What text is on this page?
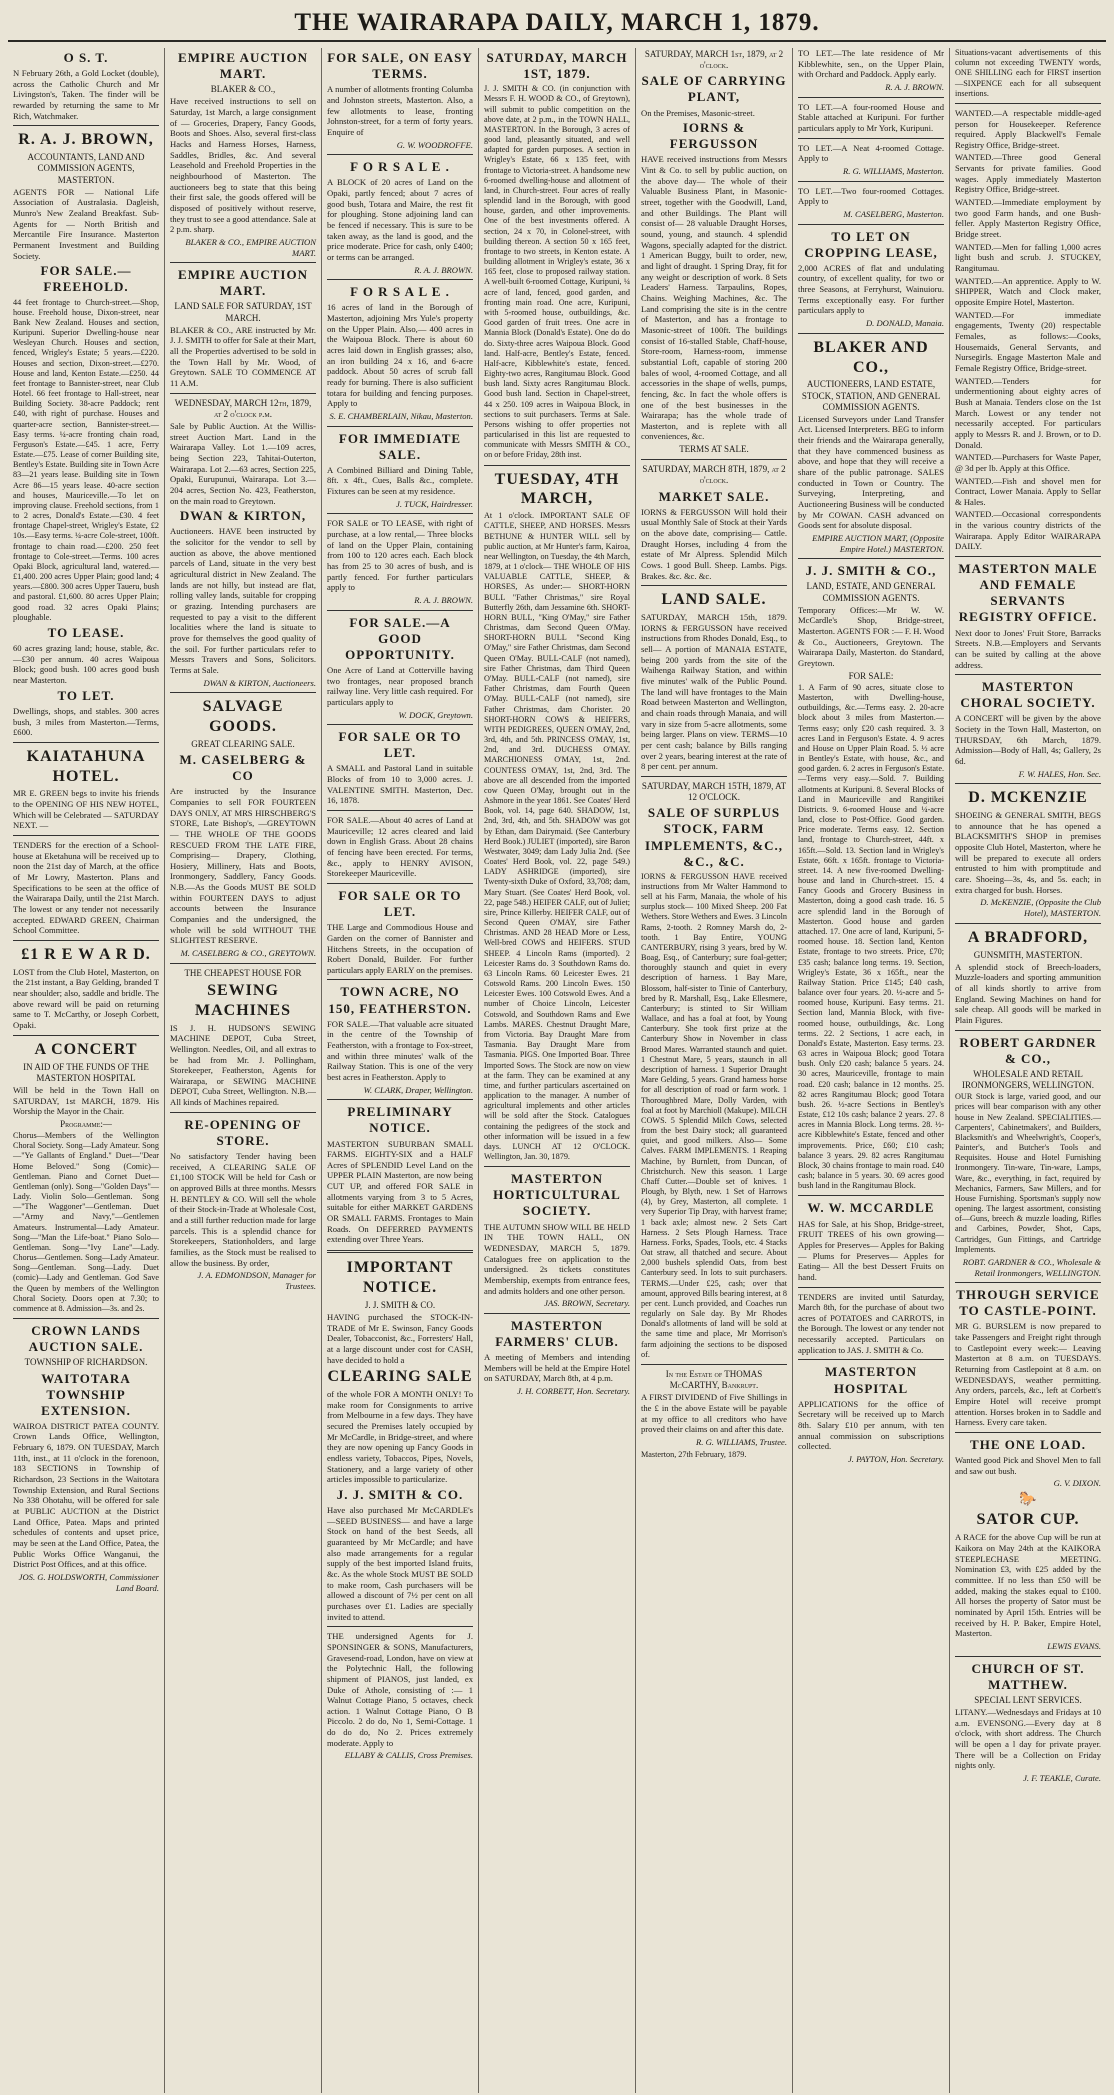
THE WAIRARAPA DAILY, MARCH 1, 1879.
O S. T.

N February 26th, a Gold Locket (double), across the Catholic Church and Mr Livingston's, Taken. The finder will be rewarded by returning the same to Mr Rich, Watchmaker.

R. A. J. BROWN,
ACCOUNTANTS, LAND AND COMMISSION AGENTS, MASTERTON.

AGENTS FOR — National Life Association of Australasia. Dagleish, Munro's New Zealand Breakfast. Sub-Agents for — North British and Mercantile Fire Insurance. Masterton Permanent Investment and Building Society.

FOR SALE.—FREEHOLD.

44 feet frontage to Church-street.—Shop, house. Freehold house, Dixon-street, near Bank New Zealand. Houses and section, Kuripuni. Superior Dwelling-house near Wesleyan Church. Houses and section, fenced, Wrigley's Estate; 5 years.—£220. Houses and section, Dixon-street.—£270. House and land, Kenton Estate.—£250. 44 feet frontage to Bannister-street, near Club Hotel. 66 feet frontage to Hall-street, near Building Society. 38-acre Paddock; rent £40, with right of purchase. Houses and quarter-acre section, Bannister-street.—Easy terms. ¼-acre fronting chain road, Ferguson's Estate.—£45. 1 acre, Ferry Estate.—£75. Lease of corner Building site, Bentley's Estate. Building site in Town Acre 83—21 years lease. Building site in Town Acre 86—15 years lease. 40-acre section and houses, Mauriceville.—To let on improving clause. Freehold sections, from 1 to 2 acres, Donald's Estate.—£30. 4 feet frontage Chapel-street, Wrigley's Estate, £2 10s.—Easy terms. ¼-acre Cole-street, 100ft. frontage to chain road.—£200. 250 feet frontage to Cole-street.—Terms. 100 acres Opaki Block, agricultural land, watered.—£1,400. 200 acres Upper Plain; good land; 4 years.—£800. 300 acres Upper Taueru, bush and pastoral. £1,600. 80 acres Upper Plain; good road. 32 acres Opaki Plains; ploughable.

TO LEASE.

60 acres grazing land; house, stable, &c.—£30 per annum. 40 acres Waipoua Block; good bush. 100 acres good bush near Masterton.

TO LET.

Dwellings, shops, and stables. 300 acres bush, 3 miles from Masterton.—Terms, £600.

KAIATAHUNA HOTEL.

MR E. GREEN begs to invite his friends to the OPENING OF HIS NEW HOTEL, Which will be Celebrated — SATURDAY NEXT. —

TENDERS for the erection of a School-house at Eketahuna will be received up to noon the 21st day of March, at the office of Mr Lowry, Masterton. Plans and Specifications to be seen at the office of the Wairarapa Daily, until the 21st March. The lowest or any tender not necessarily accepted. EDWARD GREEN, Chairman School Committee.

£1 R E W A R D.

LOST from the Club Hotel, Masterton, on the 21st instant, a Bay Gelding, branded T near shoulder; also, saddle and bridle. The above reward will be paid on returning same to T. McCarthy, or Joseph Corbett, Opaki.

A CONCERT
IN AID OF THE FUNDS OF THE MASTERTON HOSPITAL

Will be held in the Town Hall on SATURDAY, 1st MARCH, 1879. His Worship the Mayor in the Chair.

Programme:—

Chorus—Members of the Wellington Choral Society. Song—Lady Amateur. Song—"Ye Gallants of England." Duet—"Dear Home Beloved." Song (Comic)—Gentleman. Piano and Cornet Duet—Gentleman (only). Song—"Golden Days"—Lady. Violin Solo—Gentleman. Song—"The Waggoner"—Gentleman. Duet—"Army and Navy,"—Gentlemen Amateurs. Instrumental—Lady Amateur. Song—"Man the Life-boat." Piano Solo—Gentleman. Song—"Ivy Lane"—Lady. Chorus—Gentlemen. Song—Lady Amateur. Song—Gentleman. Song—Lady. Duet (comic)—Lady and Gentleman. God Save the Queen by members of the Wellington Choral Society. Doors open at 7.30; to commence at 8. Admission—3s. and 2s.

CROWN LANDS AUCTION SALE.
TOWNSHIP OF RICHARDSON.
WAITOTARA TOWNSHIP EXTENSION.

WAIROA DISTRICT PATEA COUNTY. Crown Lands Office, Wellington, February 6, 1879. ON TUESDAY, March 11th, inst., at 11 o'clock in the forenoon, 183 SECTIONS in Township of Richardson, 23 Sections in the Waitotara Township Extension, and Rural Sections No 338 Ohotahu, will be offered for sale at PUBLIC AUCTION at the District Land Office, Patea. Maps and printed schedules of contents and upset price, may be seen at the Land Office, Patea, the Public Works Office Wanganui, the District Post Offices, and at this office.

JOS. G. HOLDSWORTH, Commissioner Land Board.
EMPIRE AUCTION MART.
BLAKER & CO.,

Have received instructions to sell on Saturday, 1st March, a large consignment of — Groceries, Drapery, Fancy Goods, Boots and Shoes. Also, several first-class Hacks and Harness Horses, Harness, Saddles, Bridles, &c. And several Leasehold and Freehold Properties in the neighbourhood of Masterton. The auctioneers beg to state that this being their first sale, the goods offered will be disposed of positively without reserve, they trust to see a good attendance. Sale at 2 p.m. sharp.

BLAKER & CO., EMPIRE AUCTION MART.
EMPIRE AUCTION MART.
LAND SALE FOR SATURDAY, 1ST MARCH.

BLAKER & CO., ARE instructed by Mr. J. J. SMITH to offer for Sale at their Mart, all the Properties advertised to be sold in the Town Hall by Mr. Wood, of Greytown. SALE TO COMMENCE AT 11 A.M.

WEDNESDAY, MARCH 12th, 1879, at 2 o'clock p.m.

Sale by Public Auction. At the Willis-street Auction Mart. Land in the Wairarapa Valley. Lot 1.—109 acres, being Section 223, Tahitai-Outerton, Wairarapa. Lot 2.—63 acres, Section 225, Opaki, Eurupunui, Wairarapa. Lot 3.—204 acres, Section No. 423, Featherston, on the main road to Greytown.

DWAN & KIRTON,

Auctioneers. HAVE been instructed by the solicitor for the vendor to sell by auction as above, the above mentioned parcels of Land, situate in the very best agricultural district in New Zealand. The lands are not hilly, but instead are flat, rolling valley lands, suitable for cropping or grazing. Intending purchasers are requested to pay a visit to the different localities where the land is situate to prove for themselves the good quality of the soil. For further particulars refer to Messrs Travers and Sons, Solicitors. Terms at Sale.

DWAN & KIRTON, Auctioneers.
SALVAGE GOODS.
GREAT CLEARING SALE.
M. CASELBERG & CO

Are instructed by the Insurance Companies to sell FOR FOURTEEN DAYS ONLY, AT MRS HIRSCHBERG'S STORE, Late Bishop's, —GREYTOWN— THE WHOLE OF THE GOODS RESCUED FROM THE LATE FIRE, Comprising— Drapery, Clothing, Hosiery, Millinery, Hats and Boots, Ironmongery, Saddlery, Fancy Goods. N.B.—As the Goods MUST BE SOLD within FOURTEEN DAYS to adjust accounts between the Insurance Companies and the undersigned, the whole will be sold WITHOUT THE SLIGHTEST RESERVE.

M. CASELBERG & CO., GREYTOWN.
THE CHEAPEST HOUSE FOR
SEWING MACHINES

IS J. H. HUDSON'S SEWING MACHINE DEPOT, Cuba Street, Wellington. Needles, Oil, and all extras to be had from Mr. J. Pollingham, Storekeeper, Featherston, Agents for Wairarapa, or SEWING MACHINE DEPOT, Cuba Street, Wellington. N.B.—All kinds of Machines repaired.

RE-OPENING OF STORE.

No satisfactory Tender having been received, A CLEARING SALE OF £1,100 STOCK Will be held for Cash or on approved Bills at three months. Messrs H. BENTLEY & CO. Will sell the whole of their Stock-in-Trade at Wholesale Cost, and a still further reduction made for large parcels. This is a splendid chance for Storekeepers, Stationholders, and large families, as the Stock must be realised to allow the business. By order,

J. A. EDMONDSON, Manager for Trustees.
FOR SALE, ON EASY TERMS.

A number of allotments fronting Columba and Johnston streets, Masterton. Also, a few allotments to lease, fronting Johnston-street, for a term of forty years. Enquire of

G. W. WOODROFFE.
F O R S A L E .

A BLOCK of 20 acres of Land on the Opaki, partly fenced; about 7 acres of good bush, Totara and Maire, the rest fit for ploughing. Stone adjoining land can be fenced if necessary. This is sure to be taken away, as the land is good, and the price moderate. Price for cash, only £400; or terms can be arranged.

R. A. J. BROWN.
F O R S A L E .

16 acres of land in the Borough of Masterton, adjoining Mrs Yule's property on the Upper Plain. Also,— 400 acres in the Waipoua Block. There is about 60 acres laid down in English grasses; also, an iron building 24 x 16, and 6-acre paddock. About 50 acres of scrub fall ready for burning. There is also sufficient totara for building and fencing purposes. Apply to

S. E. CHAMBERLAIN, Nikau, Masterton.
FOR IMMEDIATE SALE.

A Combined Billiard and Dining Table, 8ft. x 4ft., Cues, Balls &c., complete. Fixtures can be seen at my residence.

J. TUCK, Hairdresser.

FOR SALE or TO LEASE, with right of purchase, at a low rental,— Three blocks of land on the Upper Plain, containing from 100 to 120 acres each. Each block has from 25 to 30 acres of bush, and is partly fenced. For further particulars apply to

R. A. J. BROWN.
FOR SALE.—A GOOD OPPORTUNITY.

One Acre of Land at Cotterville having two frontages, near proposed branch railway line. Very little cash required. For particulars apply to

W. DOCK, Greytown.
FOR SALE OR TO LET.

A SMALL and Pastoral Land in suitable Blocks of from 10 to 3,000 acres. J. VALENTINE SMITH. Masterton, Dec. 16, 1878.

FOR SALE.—About 40 acres of Land at Mauriceville; 12 acres cleared and laid down in English Grass. About 28 chains of fencing have been erected. For terms, &c., apply to HENRY AVISON, Storekeeper Mauriceville.

FOR SALE OR TO LET.

THE Large and Commodious House and Garden on the corner of Bannister and Hitchens Streets, in the occupation of Robert Donald, Builder. For further particulars apply EARLY on the premises.

TOWN ACRE, NO 150, FEATHERSTON.

FOR SALE.—That valuable acre situated in the centre of the Township of Featherston, with a frontage to Fox-street, and within three minutes' walk of the Railway Station. This is one of the very best acres in Featherston. Apply to

W. CLARK, Draper, Wellington.
PRELIMINARY NOTICE.

MASTERTON SUBURBAN SMALL FARMS. EIGHTY-SIX and a HALF Acres of SPLENDID Level Land on the UPPER PLAIN Masterton, are now being CUT UP, and offered FOR SALE in allotments varying from 3 to 5 Acres, suitable for either MARKET GARDENS OR SMALL FARMS. Frontages to Main Roads. On DEFERRED PAYMENTS extending over Three Years.

IMPORTANT NOTICE.
J. J. SMITH & CO.

HAVING purchased the STOCK-IN-TRADE of Mr E. Swinson, Fancy Goods Dealer, Tobacconist, &c., Forresters' Hall, at a large discount under cost for CASH, have decided to hold a

CLEARING SALE

of the whole FOR A MONTH ONLY! To make room for Consignments to arrive from Melbourne in a few days. They have secured the Premises lately occupied by Mr McCardle, in Bridge-street, and where they are now opening up Fancy Goods in endless variety, Tobaccos, Pipes, Novels, Stationery, and a large variety of other articles impossible to particularize.

J. J. SMITH & CO.

Have also purchased Mr McCARDLE's —SEED BUSINESS— and have a large Stock on hand of the best Seeds, all guaranteed by Mr McCardle; and have also made arrangements for a regular supply of the best imported Island fruits, &c. As the whole Stock MUST BE SOLD to make room, Cash purchasers will be allowed a discount of 7½ per cent on all purchases over £1. Ladies are specially invited to attend.

THE undersigned Agents for J. SPONSINGER & SONS, Manufacturers, Gravesend-road, London, have on view at the Polytechnic Hall, the following shipment of PIANOS, just landed, ex Duke of Athole, consisting of :— 1 Walnut Cottage Piano, 5 octaves, check action. 1 Walnut Cottage Piano, O B Piccolo. 2 do do, No 1, Semi-Cottage. 1 do do do, No 2. Prices extremely moderate. Apply to

ELLABY & CALLIS, Cross Premises.
SATURDAY, MARCH 1ST, 1879.

J. J. SMITH & CO. (in conjunction with Messrs F. H. WOOD & CO., of Greytown), will submit to public competition on the above date, at 2 p.m., in the TOWN HALL, MASTERTON. In the Borough, 3 acres of good land, pleasantly situated, and well adapted for garden purposes. A section in Wrigley's Estate, 66 x 135 feet, with frontage to Victoria-street. A handsome new 6-roomed dwelling-house and allotment of land, in Church-street. Four acres of really splendid land in the Borough, with good house, garden, and other improvements. One of the best investments offered. A section, 24 x 70, in Colonel-street, with building thereon. A section 50 x 165 feet, frontage to two streets, in Kenton estate. A building allotment in Wrigley's estate, 36 x 165 feet, close to proposed railway station. A well-built 6-roomed Cottage, Kuripuni, ¼ acre of land, fenced, good garden, and fronting main road. One acre, Kuripuni, with 5-roomed house, outbuildings, &c. Good garden of fruit trees. One acre in Mannia Block (Donald's Estate). One do do do. Sixty-three acres Waipoua Block. Good land. Half-acre, Bentley's Estate, fenced. Half-acre, Kibblewhite's estate, fenced. Eighty-two acres, Rangitumau Block. Good bush land. Sixty acres Rangitumau Block. Good bush land. Section in Chapel-street, 44 x 250. 109 acres in Waipoua Block, in sections to suit purchasers. Terms at Sale. Persons wishing to offer properties not particularised in this list are requested to communicate with Messrs SMITH & CO., on or before Friday, 28th inst.

TUESDAY, 4TH MARCH,

At 1 o'clock. IMPORTANT SALE OF CATTLE, SHEEP, AND HORSES. Messrs BETHUNE & HUNTER WILL sell by public auction, at Mr Hunter's farm, Kairoa, near Wellington, on Tuesday, the 4th March, 1879, at 1 o'clock— THE WHOLE OF HIS VALUABLE CATTLE, SHEEP, & HORSES, As under:— SHORT-HORN BULL "Father Christmas," sire Royal Butterfly 26th, dam Jessamine 6th. SHORT-HORN BULL, "King O'May," sire Father Christmas, dam Second Queen O'May. SHORT-HORN BULL "Second King O'May," sire Father Christmas, dam Second Queen O'May. BULL-CALF (not named), sire Father Christmas, dam Third Queen O'May. BULL-CALF (not named), sire Father Christmas, dam Fourth Queen O'May. BULL-CALF (not named), sire Father Christmas, dam Chorister. 20 SHORT-HORN COWS & HEIFERS, WITH PEDIGREES, QUEEN O'MAY, 2nd, 3rd, 4th, and 5th. PRINCESS O'MAY, 1st, 2nd, and 3rd. DUCHESS O'MAY. MARCHIONESS O'MAY, 1st, 2nd. COUNTESS O'MAY, 1st, 2nd, 3rd. The above are all descended from the imported cow Queen O'May, brought out in the Ashmore in the year 1861. See Coates' Herd Book, vol. 14, page 640. SHADOW, 1st, 2nd, 3rd, 4th, and 5th. SHADOW was got by Ethan, dam Dairymaid. (See Canterbury Herd Book.) JULIET (imported), sire Baron Westwater, 3049; dam Lady Julia 2nd. (See Coates' Herd Book, vol. 22, page 549.) LADY ASHRIDGE (imported), sire Twenty-sixth Duke of Oxford, 33,708; dam, Mary Stuart. (See Coates' Herd Book, vol. 22, page 548.) HEIFER CALF, out of Juliet; sire, Prince Killerby. HEIFER CALF, out of Second Queen O'MAY, sire Father Christmas. AND 28 HEAD More or Less, Well-bred COWS and HEIFERS. STUD SHEEP. 4 Lincoln Rams (imported). 2 Leicester Rams do. 3 Southdown Rams do. 63 Lincoln Rams. 60 Leicester Ewes. 21 Cotswold Rams. 200 Lincoln Ewes. 150 Leicester Ewes. 100 Cotswold Ewes. And a number of Choice Lincoln, Leicester Cotswold, and Southdown Rams and Ewe Lambs. MARES. Chestnut Draught Mare, from Victoria. Bay Draught Mare from Tasmania. Bay Draught Mare from Tasmania. PIGS. One Imported Boar. Three Imported Sows. The Stock are now on view at the farm. They can be examined at any time, and further particulars ascertained on application to the manager. A number of agricultural implements and other articles will be sold after the Stock. Catalogues containing the pedigrees of the stock and other information will be issued in a few days. LUNCH AT 12 O'CLOCK. Wellington, Jan. 30, 1879.

MASTERTON HORTICULTURAL SOCIETY.

THE AUTUMN SHOW WILL BE HELD IN THE TOWN HALL, ON WEDNESDAY, MARCH 5, 1879. Catalogues free on application to the undersigned. 2s tickets constitutes Membership, exempts from entrance fees, and admits holders and one other person.

JAS. BROWN, Secretary.
MASTERTON FARMERS' CLUB.

A meeting of Members and intending Members will be held at the Empire Hotel on SATURDAY, March 8th, at 4 p.m.

J. H. CORBETT, Hon. Secretary.
SATURDAY, MARCH 1st, 1879, at 2 o'clock.
SALE OF CARRYING PLANT,

On the Premises, Masonic-street.

IORNS & FERGUSSON

HAVE received instructions from Messrs Vint & Co. to sell by public auction, on the above day— The whole of their Valuable Business Plant, in Masonic-street, together with the Goodwill, Land, and other Buildings. The Plant will consist of— 28 valuable Draught Horses, sound, young, and staunch. 4 splendid Wagons, specially adapted for the district. 1 American Buggy, built to order, new, and light of draught. 1 Spring Dray, fit for any weight or description of work. 8 Sets Leaders' Harness. Tarpaulins, Ropes, Chains. Weighing Machines, &c. The Land comprising the site is in the centre of Masterton, and has a frontage to Masonic-street of 100ft. The buildings consist of 16-stalled Stable, Chaff-house, Store-room, Harness-room, immense substantial Loft, capable of storing 200 bales of wool, 4-roomed Cottage, and all accessories in the shape of wells, pumps, fencing, &c. In fact the whole offers is one of the best businesses in the Wairarapa; has the whole trade of Masterton, and is replete with all conveniences, &c.

TERMS AT SALE.
SATURDAY, MARCH 8TH, 1879, at 2 o'clock.
MARKET SALE.

IORNS & FERGUSSON Will hold their usual Monthly Sale of Stock at their Yards on the above date, comprising— Cattle. Draught Horses, including 4 from the estate of Mr Alpress. Splendid Milch Cows. 1 good Bull. Sheep. Lambs. Pigs. Brakes. &c. &c. &c.

LAND SALE.

SATURDAY, MARCH 15th, 1879. IORNS & FERGUSSON have received instructions from Rhodes Donald, Esq., to sell— A portion of MANAIA ESTATE, being 200 yards from the site of the Waihenga Railway Station, and within five minutes' walk of the Public Pound. The land will have frontages to the Main Road between Masterton and Wellington, and chain roads through Manaia, and will vary in size from 5-acre allotments, some being larger. Plans on view. TERMS—10 per cent cash; balance by Bills ranging over 2 years, bearing interest at the rate of 8 per cent. per annum.

SATURDAY, MARCH 15TH, 1879, AT 12 O'CLOCK.
SALE OF SURPLUS STOCK, FARM IMPLEMENTS, &C., &C., &C.

IORNS & FERGUSSON HAVE received instructions from Mr Walter Hammond to sell at his Farm, Manaia, the whole of his surplus stock— 100 Mixed Sheep. 200 Fat Wethers. Store Wethers and Ewes. 3 Lincoln Rams, 2-tooth. 2 Romney Marsh do, 2-tooth. 1 Bay Entire, YOUNG CANTERBURY, rising 3 years, bred by W. Boag, Esq., of Canterbury; sure foal-getter; thoroughly staunch and quiet in every description of harness. 1 Bay Mare, Blossom, half-sister to Tinie of Canterbury, bred by R. Marshall, Esq., Lake Ellesmere, Canterbury; is stinted to Sir William Wallace, and has a foal at foot, by Young Canterbury. She took first prize at the Canterbury Show in November in class Brood Mares. Warranted staunch and quiet. 1 Chestnut Mare, 5 years, staunch in all description of harness. 1 Superior Draught Mare Gelding, 5 years. Grand harness horse for all description of road or farm work. 1 Thoroughbred Mare, Dolly Varden, with foal at foot by Marchioll (Makupe). MILCH COWS. 5 Splendid Milch Cows, selected from the best Dairy stock; all guaranteed quiet, and good milkers. Also— Some Calves. FARM IMPLEMENTS. 1 Reaping Machine, by Burnlett, from Duncan, of Christchurch. New this season. 1 Large Chaff Cutter.—Double set of knives. 1 Plough, by Blyth, new. 1 Set of Harrows (4), by Grey, Masterton, all complete. 1 very Superior Tip Dray, with harvest frame; 1 back axle; almost new. 2 Sets Cart Harness. 2 Sets Plough Harness. Trace Harness. Forks, Spades, Tools, etc. 4 Stacks Oat straw, all thatched and secure. About 2,000 bushels splendid Oats, from best Canterbury seed. In lots to suit purchasers. TERMS.—Under £25, cash; over that amount, approved Bills bearing interest, at 8 per cent. Lunch provided, and Coaches run regularly on Sale day. By Mr Rhodes Donald's allotments of land will be sold at the same time and place, Mr Morrison's farm adjoining the sections to be disposed of.

In the Estate of THOMAS McCARTHY, Bankrupt.

A FIRST DIVIDEND of Five Shillings in the £ in the above Estate will be payable at my office to all creditors who have proved their claims on and after this date.

R. G. WILLIAMS, Trustee.

Masterton, 27th February, 1879.

TO LET.—The late residence of Mr Kibblewhite, sen., on the Upper Plain, with Orchard and Paddock. Apply early.

R. A. J. BROWN.

TO LET.—A four-roomed House and Stable attached at Kuripuni. For further particulars apply to Mr York, Kuripuni.

TO LET.—A Neat 4-roomed Cottage. Apply to

R. G. WILLIAMS, Masterton.

TO LET.—Two four-roomed Cottages. Apply to

M. CASELBERG, Masterton.
TO LET ON CROPPING LEASE,

2,000 ACRES of flat and undulating country, of excellent quality, for two or three Seasons, at Ferryhurst, Wainuioru. Terms exceptionally easy. For further particulars apply to

D. DONALD, Manaia.
BLAKER AND CO.,
AUCTIONEERS, LAND ESTATE, STOCK, STATION, AND GENERAL COMMISSION AGENTS.

Licensed Surveyors under Land Transfer Act. Licensed Interpreters. BEG to inform their friends and the Wairarapa generally, that they have commenced business as above, and hope that they will receive a share of the public patronage. SALES conducted in Town or Country. The Surveying, Interpreting, and Auctioneering Business will be conducted by Mr COWAN. CASH advanced on Goods sent for absolute disposal.

EMPIRE AUCTION MART, (Opposite Empire Hotel.) MASTERTON.
J. J. SMITH & CO.,
LAND, ESTATE, AND GENERAL COMMISSION AGENTS.

Temporary Offices:—Mr W. W. McCardle's Shop, Bridge-street, Masterton. AGENTS FOR :— F. H. Wood & Co., Auctioneers, Greytown. The Wairarapa Daily, Masterton. do Standard, Greytown.

FOR SALE:

1. A Farm of 90 acres, situate close to Masterton, with Dwelling-house, outbuildings, &c.—Terms easy. 2. 20-acre block about 3 miles from Masterton.—Terms easy; only £20 cash required. 3. 3 acres Land in Ferguson's Estate. 4. 9 acres and House on Upper Plain Road. 5. ½ acre in Bentley's Estate, with house, &c., and good garden. 6. 2 acres in Ferguson's Estate.—Terms very easy.—Sold. 7. Building allotments at Kuripuni. 8. Several Blocks of Land in Mauriceville and Rangitikei Districts. 9. 6-roomed House and ¼-acre land, close to Post-Office. Good garden. Price moderate. Terms easy. 12. Section land, frontage to Church-street, 44ft. x 165ft.—Sold. 13. Section land in Wrigley's Estate, 66ft. x 165ft. frontage to Victoria-street. 14. A new five-roomed Dwelling-house and land in Church-street. 15. 4 Fancy Goods and Grocery Business in Masterton, doing a good cash trade. 16. 5 acre splendid land in the Borough of Masterton. Good house and garden attached. 17. One acre of land, Kuripuni, 5-roomed house. 18. Section land, Kenton Estate, frontage to two streets. Price, £70; £35 cash; balance long terms. 19. Section, Wrigley's Estate, 36 x 165ft., near the Railway Station. Price £145; £40 cash, balance over four years. 20. ½-acre and 5-roomed house, Kuripuni. Easy terms. 21. Section land, Mannia Block, with five-roomed house, outbuildings, &c. Long terms. 22. 2 Sections, 1 acre each, in Donald's Estate, Masterton. Easy terms. 23. 63 acres in Waipoua Block; good Totara bush. Only £20 cash; balance 5 years. 24. 30 acres, Mauriceville, frontage to main road. £20 cash; balance in 12 months. 25. 82 acres Rangitumau Block; good Totara bush. 26. ½-acre Sections in Bentley's Estate, £12 10s cash; balance 2 years. 27. 8 acres in Mannia Block. Long terms. 28. ½-acre Kibblewhite's Estate, fenced and other improvements. Price, £60; £10 cash; balance 3 years. 29. 82 acres Rangitumau Block, 30 chains frontage to main road. £40 cash; balance in 5 years. 30. 69 acres good bush land in the Rangitumau Block.

W. W. MCCARDLE

HAS for Sale, at his Shop, Bridge-street, FRUIT TREES of his own growing— Apples for Preserves— Apples for Baking— Plums for Preserves— Apples for Eating— All the best Dessert Fruits on hand.

TENDERS are invited until Saturday, March 8th, for the purchase of about two acres of POTATOES and CARROTS, in the Borough. The lowest or any tender not necessarily accepted. Particulars on application to JAS. J. SMITH & Co.

MASTERTON HOSPITAL

APPLICATIONS for the office of Secretary will be received up to March 8th. Salary £10 per annum, with ten annual commission on subscriptions collected.

J. PAYTON, Hon. Secretary.

Situations-vacant advertisements of this column not exceeding TWENTY words, ONE SHILLING each for FIRST insertion—SIXPENCE each for all subsequent insertions.

WANTED.—A respectable middle-aged person for Housekeeper. Reference required. Apply Blackwell's Female Registry Office, Bridge-street.

WANTED.—Three good General Servants for private families. Good wages. Apply immediately Masterton Registry Office, Bridge-street.

WANTED.—Immediate employment by two good Farm hands, and one Bush-feller. Apply Masterton Registry Office, Bridge street.

WANTED.—Men for falling 1,000 acres light bush and scrub. J. STUCKEY, Rangitumau.

WANTED.—An apprentice. Apply to W. SHIPPER, Watch and Clock maker, opposite Empire Hotel, Masterton.

WANTED.—For immediate engagements, Twenty (20) respectable Females, as follows:—Cooks, Housemaids, General Servants, and Nursegirls. Engage Masterton Male and Female Registry Office, Bridge-street.

WANTED.—Tenders for undermentioning about eighty acres of Bush at Manaia. Tenders close on the 1st March. Lowest or any tender not necessarily accepted. For particulars apply to Messrs R. and J. Brown, or to D. Donald.

WANTED.—Purchasers for Waste Paper, @ 3d per lb. Apply at this Office.

WANTED.—Fish and shovel men for Contract, Lower Manaia. Apply to Sellar & Hales.

WANTED.—Occasional correspondents in the various country districts of the Wairarapa. Apply Editor WAIRARAPA DAILY.

MASTERTON MALE AND FEMALE SERVANTS REGISTRY OFFICE.

Next door to Jones' Fruit Store, Barracks Streets. N.B.—Employers and Servants can be suited by calling at the above address.

MASTERTON CHORAL SOCIETY.

A CONCERT will be given by the above Society in the Town Hall, Masterton, on THURSDAY, 6th March, 1879. Admission—Body of Hall, 4s; Gallery, 2s 6d.

F. W. HALES, Hon. Sec.
D. MCKENZIE

SHOEING & GENERAL SMITH, BEGS to announce that he has opened a BLACKSMITH'S SHOP in premises opposite Club Hotel, Masterton, where he will be prepared to execute all orders entrusted to him with promptitude and care. Shoeing—3s, 4s, and 5s. each; in extra charged for bush. Horses.

D. McKENZIE, (Opposite the Club Hotel), MASTERTON.
A BRADFORD,
GUNSMITH, MASTERTON.

A splendid stock of Breech-loaders, Muzzle-loaders and sporting ammunition of all kinds shortly to arrive from England. Sewing Machines on hand for sale cheap. All goods will be marked in Plain Figures.

ROBERT GARDNER & CO.,
WHOLESALE AND RETAIL IRONMONGERS, WELLINGTON.

OUR Stock is large, varied good, and our prices will bear comparison with any other house in New Zealand. SPECIALITIES.—Carpenters', Cabinetmakers', and Builders, Blacksmith's and Wheelwright's, Cooper's, Painter's, and Butcher's Tools and Requisites. House and Hotel Furnishing Ironmongery. Tin-ware, Tin-ware, Lamps, Ware, &c., everything, in fact, required by Mechanics, Farmers, Saw Millers, and for House Furnishing. Sportsman's supply now opening. The largest assortment, consisting of—Guns, breech & muzzle loading, Rifles and Carbines, Powder, Shot, Caps, Cartridges, Gun Fittings, and Cartridge Implements.

ROBT. GARDNER & CO., Wholesale & Retail Ironmongers, WELLINGTON.
THROUGH SERVICE TO CASTLE-POINT.

MR G. BURSLEM is now prepared to take Passengers and Freight right through to Castlepoint every week:— Leaving Masterton at 8 a.m. on TUESDAYS. Returning from Castlepoint at 8 a.m. on WEDNESDAYS, weather permitting. Any orders, parcels, &c., left at Corbett's Empire Hotel will receive prompt attention. Horses broken in to Saddle and Harness. Every care taken.

THE ONE LOAD.

Wanted good Pick and Shovel Men to fall and saw out bush.

G. V. DIXON.
🐎
SATOR CUP.

A RACE for the above Cup will be run at Kaikora on May 24th at the KAIKORA STEEPLECHASE MEETING. Nomination £3, with £25 added by the committee. If no less than £50 will be added, making the stakes equal to £100. All horses the property of Sator must be nominated by April 15th. Entries will be received by H. P. Baker, Empire Hotel, Masterton.

LEWIS EVANS.
CHURCH OF ST. MATTHEW.
SPECIAL LENT SERVICES.

LITANY.—Wednesdays and Fridays at 10 a.m. EVENSONG.—Every day at 8 o'clock, with short address. The Church will be open a l day for private prayer. There will be a Collection on Friday nights only.

J. F. TEAKLE, Curate.
